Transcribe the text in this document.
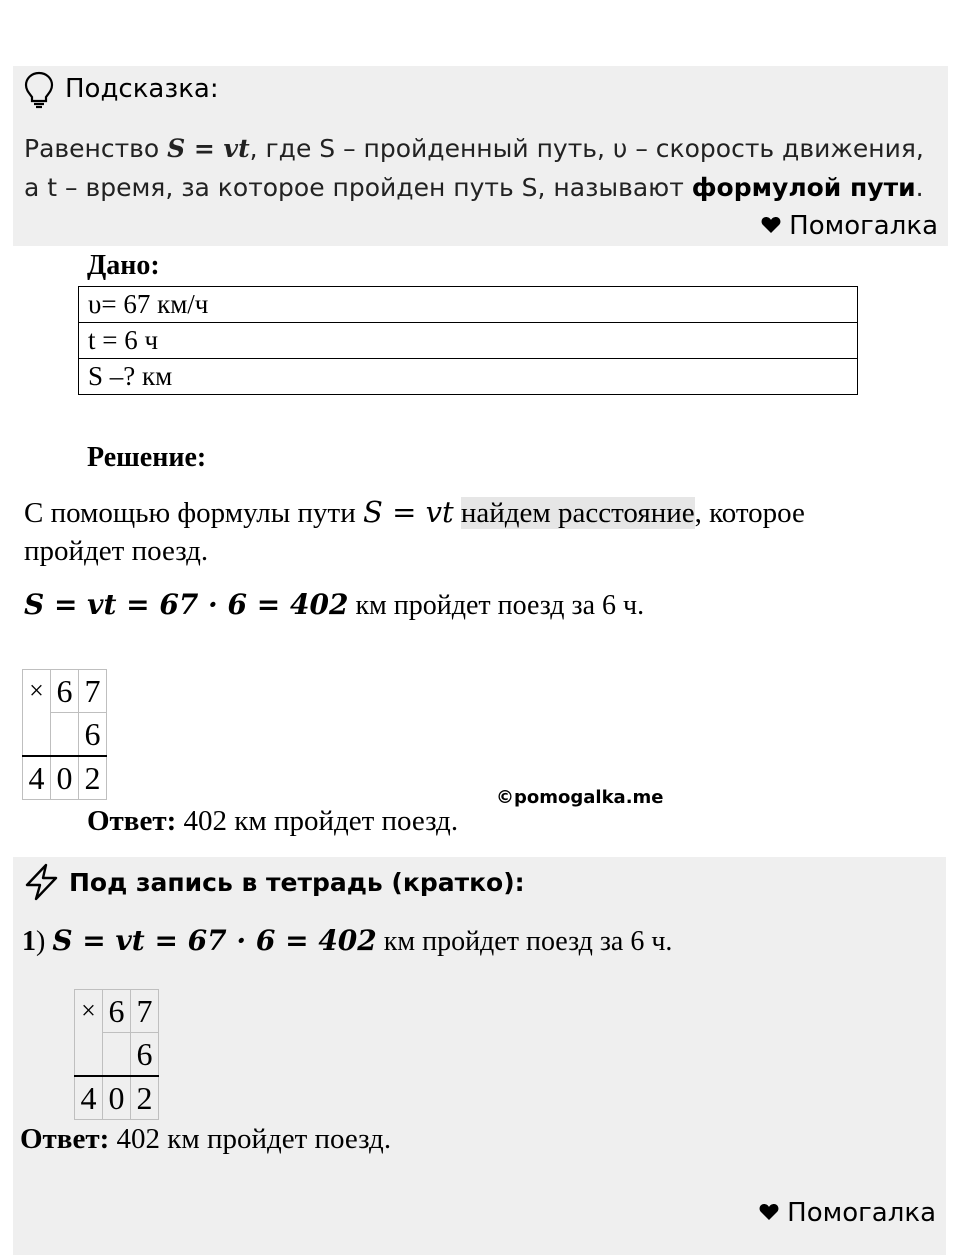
Подсказка:
Равенство S = vt, где S – пройденный путь, υ – скорость движения,
а t – время, за которое пройден путь S, называют формулой пути.
Помогалка
Дано:
υ= 67 км/ч
t = 6 ч
S –? км
Решение:
С помощью формулы пути S = vt найдем расстояние, которое
пройдет поезд.
S = vt = 67 · 6 = 402 км пройдет поезд за 6 ч.
×	6	7
		6
4	0	2
©pomogalka.me
Ответ: 402 км пройдет поезд.
Под запись в тетрадь (кратко):
1) S = vt = 67 · 6 = 402 км пройдет поезд за 6 ч.
×	6	7
		6
4	0	2
Ответ: 402 км пройдет поезд.
Помогалка
